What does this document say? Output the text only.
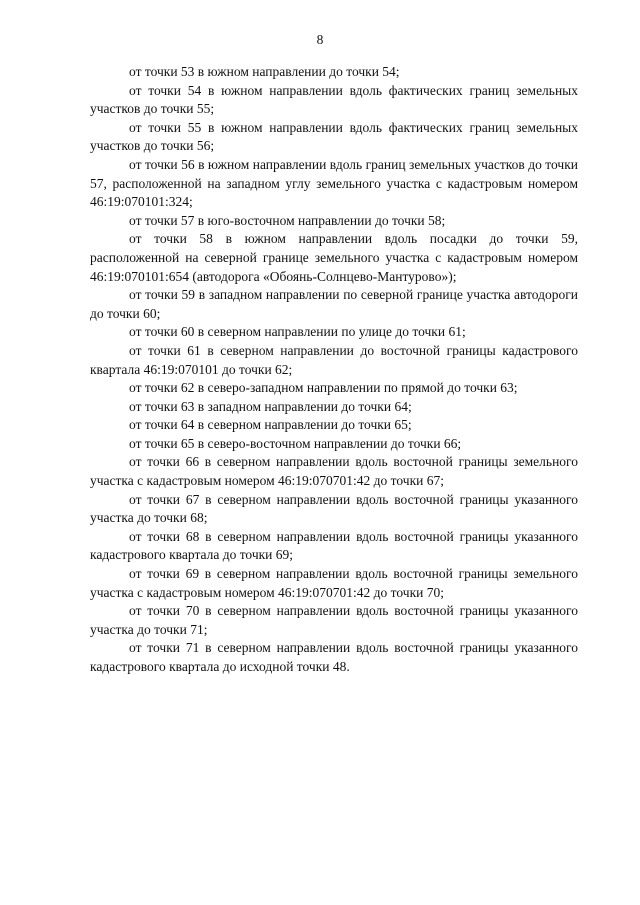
8

от точки 53 в южном направлении до точки 54;

от точки 54 в южном направлении вдоль фактических границ земельных участков до точки 55;

от точки 55 в южном направлении вдоль фактических границ земельных участков до точки 56;

от точки 56 в южном направлении вдоль границ земельных участков до точки 57, расположенной на западном углу земельного участка с кадастровым номером 46:19:070101:324;

от точки 57 в юго-восточном направлении до точки 58;

от точки 58 в южном направлении вдоль посадки до точки 59, расположенной на северной границе земельного участка с кадастровым номером 46:19:070101:654 (автодорога «Обоянь-Солнцево-Мантурово»);

от точки 59 в западном направлении по северной границе участка автодороги до точки 60;

от точки 60 в северном направлении по улице до точки 61;

от точки 61 в северном направлении до восточной границы кадастрового квартала 46:19:070101 до точки 62;

от точки 62 в северо-западном направлении по прямой до точки 63;

от точки 63 в западном направлении до точки 64;

от точки 64 в северном направлении до точки 65;

от точки 65 в северо-восточном направлении до точки 66;

от точки 66 в северном направлении вдоль восточной границы земельного участка с кадастровым номером 46:19:070701:42 до точки 67;

от точки 67 в северном направлении вдоль восточной границы указанного участка до точки 68;

от точки 68 в северном направлении вдоль восточной границы указанного кадастрового квартала до точки 69;

от точки 69 в северном направлении вдоль восточной границы земельного участка с кадастровым номером 46:19:070701:42 до точки 70;

от точки 70 в северном направлении вдоль восточной границы указанного участка до точки 71;

от точки 71 в северном направлении вдоль восточной границы указанного кадастрового квартала до исходной точки 48.
